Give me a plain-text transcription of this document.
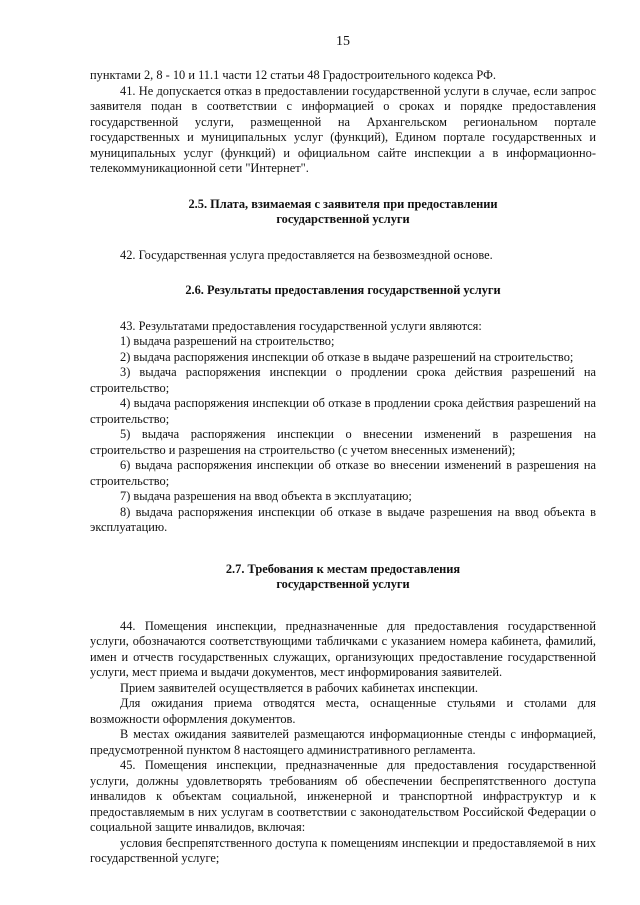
15

пунктами 2, 8 - 10 и 11.1 части 12 статьи 48 Градостроительного кодекса РФ.

41. Не допускается отказ в предоставлении государственной услуги в случае, если запрос заявителя подан в соответствии с информацией о сроках и порядке предоставления государственной услуги, размещенной на Архангельском региональном портале государственных и муниципальных услуг (функций), Едином портале государственных и муниципальных услуг (функций) и официальном сайте инспекции а в информационно-телекоммуникационной сети "Интернет".

2.5. Плата, взимаемая с заявителя при предоставлении
государственной услуги

42. Государственная услуга предоставляется на безвозмездной основе.

2.6. Результаты предоставления государственной услуги

43. Результатами предоставления государственной услуги являются:

1) выдача разрешений на строительство;

2) выдача распоряжения инспекции об отказе в выдаче разрешений на строительство;

3) выдача распоряжения инспекции о продлении срока действия разрешений на строительство;

4) выдача распоряжения инспекции об отказе в продлении срока действия разрешений на строительство;

5) выдача распоряжения инспекции о внесении изменений в разрешения на строительство и разрешения на строительство (с учетом внесенных изменений);

6) выдача распоряжения инспекции об отказе во внесении изменений в разрешения на строительство;

7) выдача разрешения на ввод объекта в эксплуатацию;

8) выдача распоряжения инспекции об отказе в выдаче разрешения на ввод объекта в эксплуатацию.

2.7. Требования к местам предоставления
государственной услуги

44. Помещения инспекции, предназначенные для предоставления государственной услуги, обозначаются соответствующими табличками с указанием номера кабинета, фамилий, имен и отчеств государственных служащих, организующих предоставление государственной услуги, мест приема и выдачи документов, мест информирования заявителей.

Прием заявителей осуществляется в рабочих кабинетах инспекции.

Для ожидания приема отводятся места, оснащенные стульями и столами для возможности оформления документов.

В местах ожидания заявителей размещаются информационные стенды с информацией, предусмотренной пунктом 8 настоящего административного регламента.

45. Помещения инспекции, предназначенные для предоставления государственной услуги, должны удовлетворять требованиям об обеспечении беспрепятственного доступа инвалидов к объектам социальной, инженерной и транспортной инфраструктур и к предоставляемым в них услугам в соответствии с законодательством Российской Федерации о социальной защите инвалидов, включая:

условия беспрепятственного доступа к помещениям инспекции и предоставляемой в них государственной услуге;
